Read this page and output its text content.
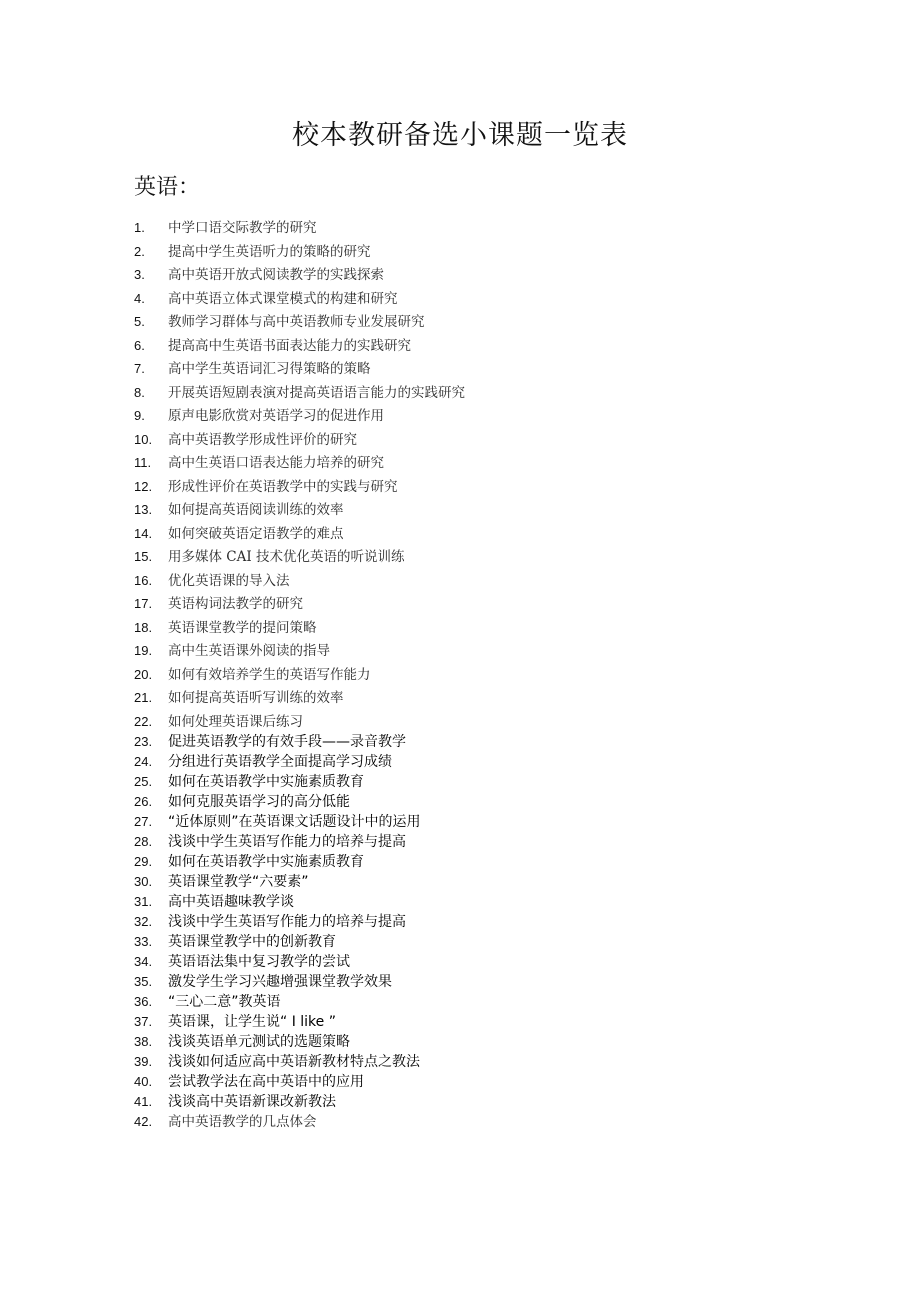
校本教研备选小课题一览表
英语：
1. 中学口语交际教学的研究
2. 提高中学生英语听力的策略的研究
3. 高中英语开放式阅读教学的实践探索
4. 高中英语立体式课堂模式的构建和研究
5. 教师学习群体与高中英语教师专业发展研究
6. 提高高中生英语书面表达能力的实践研究
7. 高中学生英语词汇习得策略的策略
8. 开展英语短剧表演对提高英语语言能力的实践研究
9. 原声电影欣赏对英语学习的促进作用
10. 高中英语教学形成性评价的研究
11. 高中生英语口语表达能力培养的研究
12. 形成性评价在英语教学中的实践与研究
13. 如何提高英语阅读训练的效率
14. 如何突破英语定语教学的难点
15. 用多媒体 CAI 技术优化英语的听说训练
16. 优化英语课的导入法
17. 英语构词法教学的研究
18. 英语课堂教学的提问策略
19. 高中生英语课外阅读的指导
20. 如何有效培养学生的英语写作能力
21. 如何提高英语听写训练的效率
22. 如何处理英语课后练习
23. 促进英语教学的有效手段——录音教学
24. 分组进行英语教学全面提高学习成绩
25. 如何在英语教学中实施素质教育
26. 如何克服英语学习的高分低能
27. “近体原则”在英语课文话题设计中的运用
28. 浅谈中学生英语写作能力的培养与提高
29. 如何在英语教学中实施素质教育
30. 英语课堂教学“六要素”
31. 高中英语趣味教学谈
32. 浅谈中学生英语写作能力的培养与提高
33. 英语课堂教学中的创新教育
34. 英语语法集中复习教学的尝试
35. 激发学生学习兴趣增强课堂教学效果
36. “三心二意”教英语
37. 英语课，让学生说“ I like ”
38. 浅谈英语单元测试的选题策略
39. 浅谈如何适应高中英语新教材特点之教法
40. 尝试教学法在高中英语中的应用
41. 浅谈高中英语新课改新教法
42. 高中英语教学的几点体会
